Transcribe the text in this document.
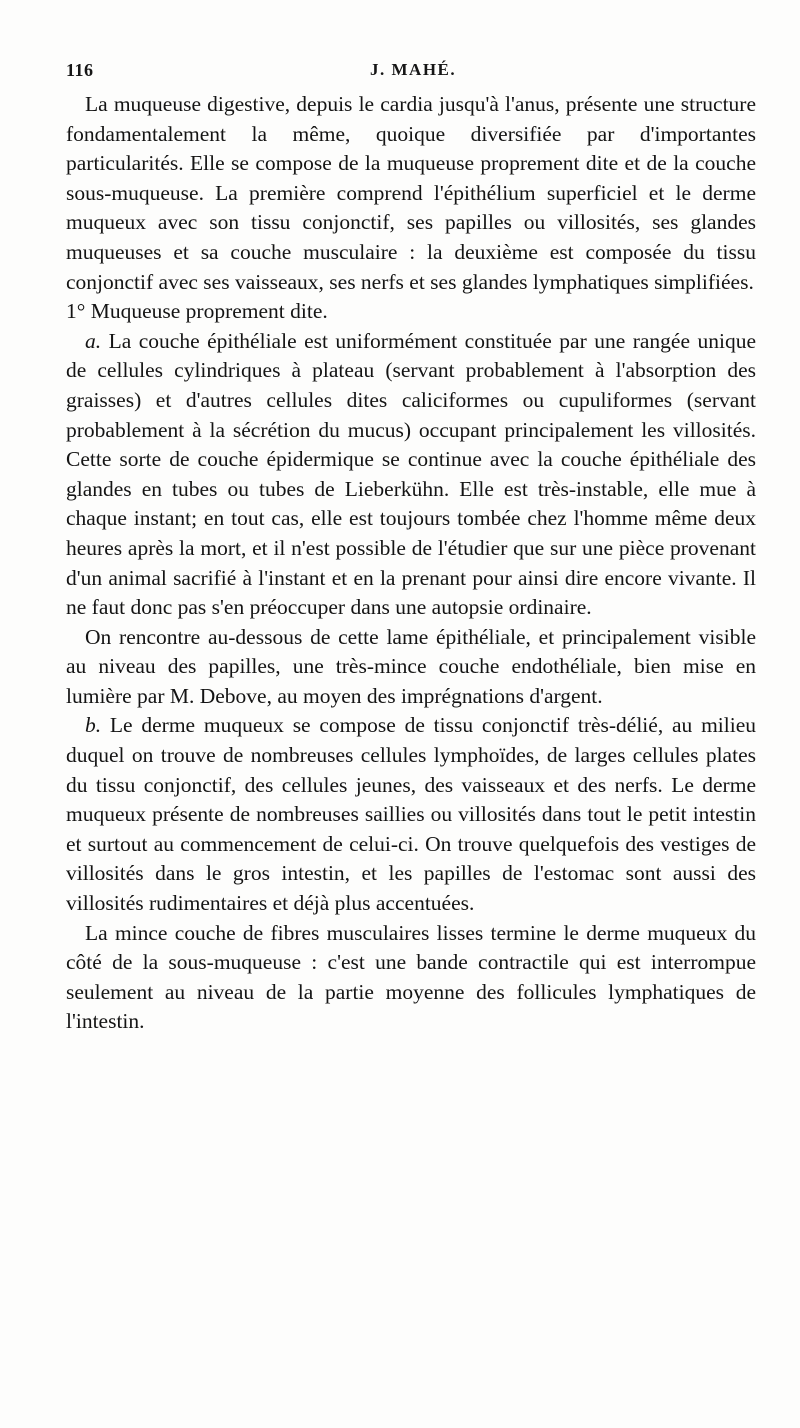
116	J. MAHÉ.

La muqueuse digestive, depuis le cardia jusqu'à l'anus, présente une structure fondamentalement la même, quoique diversifiée par d'importantes particularités. Elle se compose de la muqueuse proprement dite et de la couche sous-muqueuse. La première comprend l'épithélium superficiel et le derme muqueux avec son tissu conjonctif, ses papilles ou villosités, ses glandes muqueuses et sa couche musculaire : la deuxième est composée du tissu conjonctif avec ses vaisseaux, ses nerfs et ses glandes lymphatiques simplifiées.

1° Muqueuse proprement dite.

a. La couche épithéliale est uniformément constituée par une rangée unique de cellules cylindriques à plateau (servant probablement à l'absorption des graisses) et d'autres cellules dites caliciformes ou cupuliformes (servant probablement à la sécrétion du mucus) occupant principalement les villosités. Cette sorte de couche épidermique se continue avec la couche épithéliale des glandes en tubes ou tubes de Lieberkühn. Elle est très-instable, elle mue à chaque instant; en tout cas, elle est toujours tombée chez l'homme même deux heures après la mort, et il n'est possible de l'étudier que sur une pièce provenant d'un animal sacrifié à l'instant et en la prenant pour ainsi dire encore vivante. Il ne faut donc pas s'en préoccuper dans une autopsie ordinaire.

On rencontre au-dessous de cette lame épithéliale, et principalement visible au niveau des papilles, une très-mince couche endothéliale, bien mise en lumière par M. Debove, au moyen des imprégnations d'argent.

b. Le derme muqueux se compose de tissu conjonctif très-délié, au milieu duquel on trouve de nombreuses cellules lymphoïdes, de larges cellules plates du tissu conjonctif, des cellules jeunes, des vaisseaux et des nerfs. Le derme muqueux présente de nombreuses saillies ou villosités dans tout le petit intestin et surtout au commencement de celui-ci. On trouve quelquefois des vestiges de villosités dans le gros intestin, et les papilles de l'estomac sont aussi des villosités rudimentaires et déjà plus accentuées.

La mince couche de fibres musculaires lisses termine le derme muqueux du côté de la sous-muqueuse : c'est une bande contractile qui est interrompue seulement au niveau de la partie moyenne des follicules lymphatiques de l'intestin.
